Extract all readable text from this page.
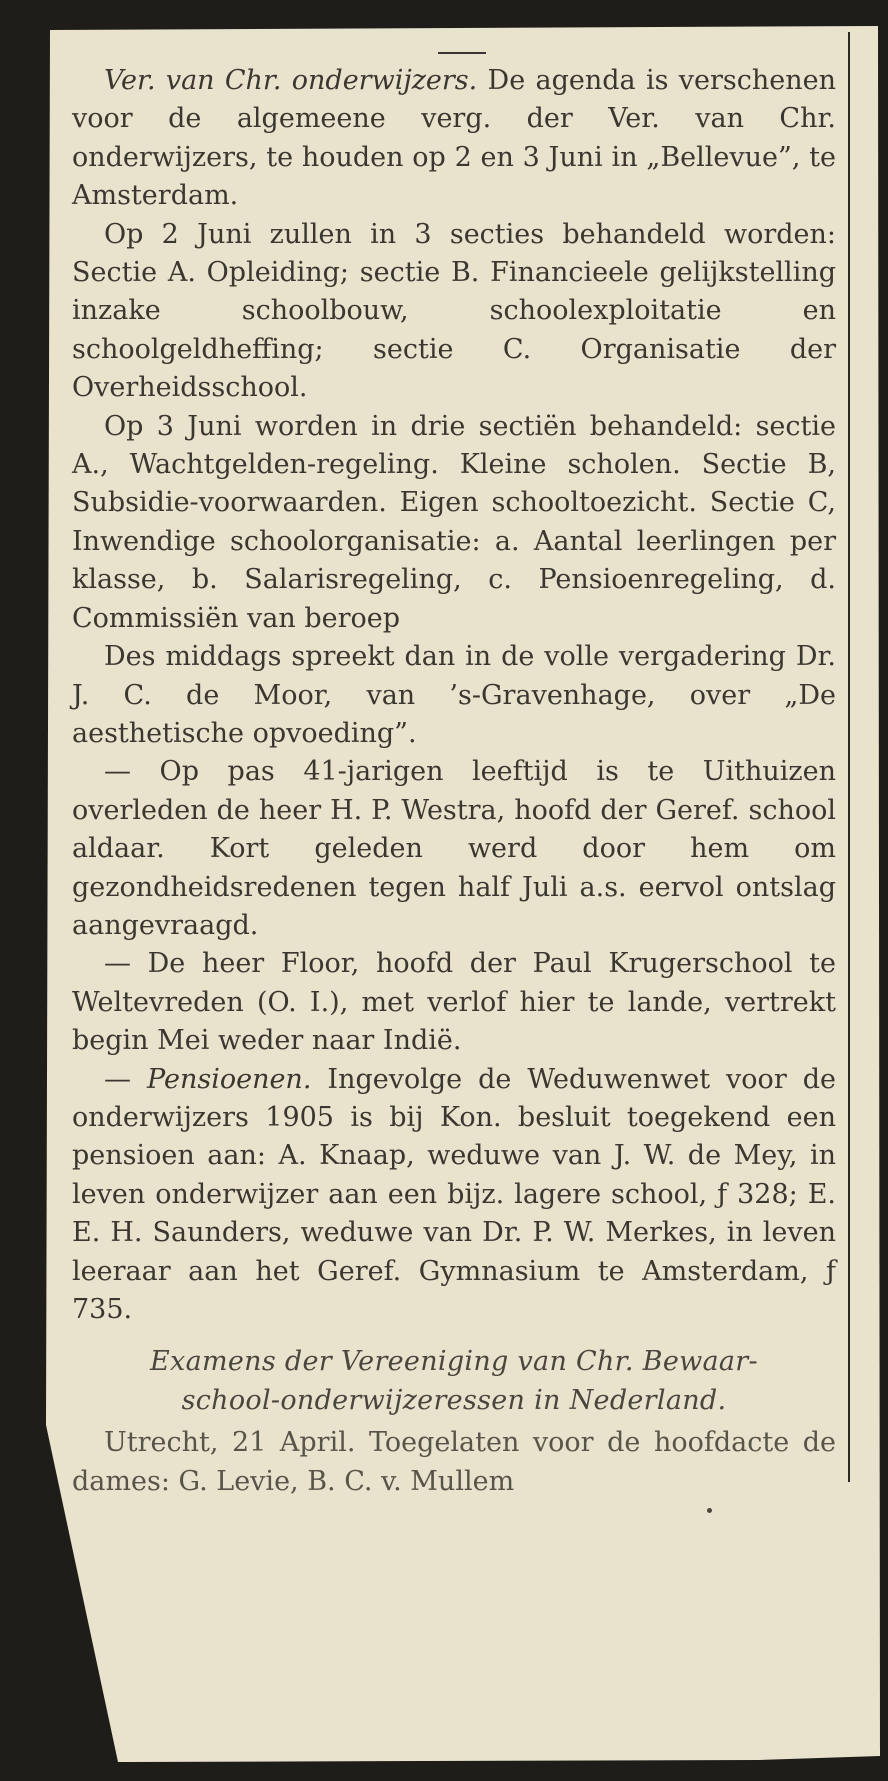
Ver. van Chr. onderwijzers. De agenda is verschenen voor de algemeene verg. der Ver. van Chr. onderwijzers, te houden op 2 en 3 Juni in „Bellevue”, te Amsterdam.

Op 2 Juni zullen in 3 secties behandeld worden: Sectie A. Opleiding; sectie B. Financieele gelijkstelling inzake schoolbouw, schoolexploitatie en schoolgeldheffing; sectie C. Organisatie der Overheidsschool.

Op 3 Juni worden in drie sectiën behandeld: sectie A., Wachtgelden-regeling. Kleine scholen. Sectie B, Subsidie-voorwaarden. Eigen schooltoezicht. Sectie C, Inwendige schoolorganisatie: a. Aantal leerlingen per klasse, b. Salarisregeling, c. Pensioenregeling, d. Commissiën van beroep

Des middags spreekt dan in de volle vergadering Dr. J. C. de Moor, van ’s-Gravenhage, over „De aesthetische opvoeding”.

— Op pas 41-jarigen leeftijd is te Uithuizen overleden de heer H. P. Westra, hoofd der Geref. school aldaar. Kort geleden werd door hem om gezondheidsredenen tegen half Juli a.s. eervol ontslag aangevraagd.

— De heer Floor, hoofd der Paul Krugerschool te Weltevreden (O. I.), met verlof hier te lande, vertrekt begin Mei weder naar Indië.

— Pensioenen. Ingevolge de Weduwenwet voor de onderwijzers 1905 is bij Kon. besluit toegekend een pensioen aan: A. Knaap, weduwe van J. W. de Mey, in leven onderwijzer aan een bijz. lagere school, ƒ 328; E. E. H. Saunders, weduwe van Dr. P. W. Merkes, in leven leeraar aan het Geref. Gymnasium te Amsterdam, ƒ 735.

Examens der Vereeniging van Chr. Bewaar-
school-onderwijzeressen in Nederland.

Utrecht, 21 April. Toegelaten voor de hoofdacte de dames: G. Levie, B. C. v. Mullem
